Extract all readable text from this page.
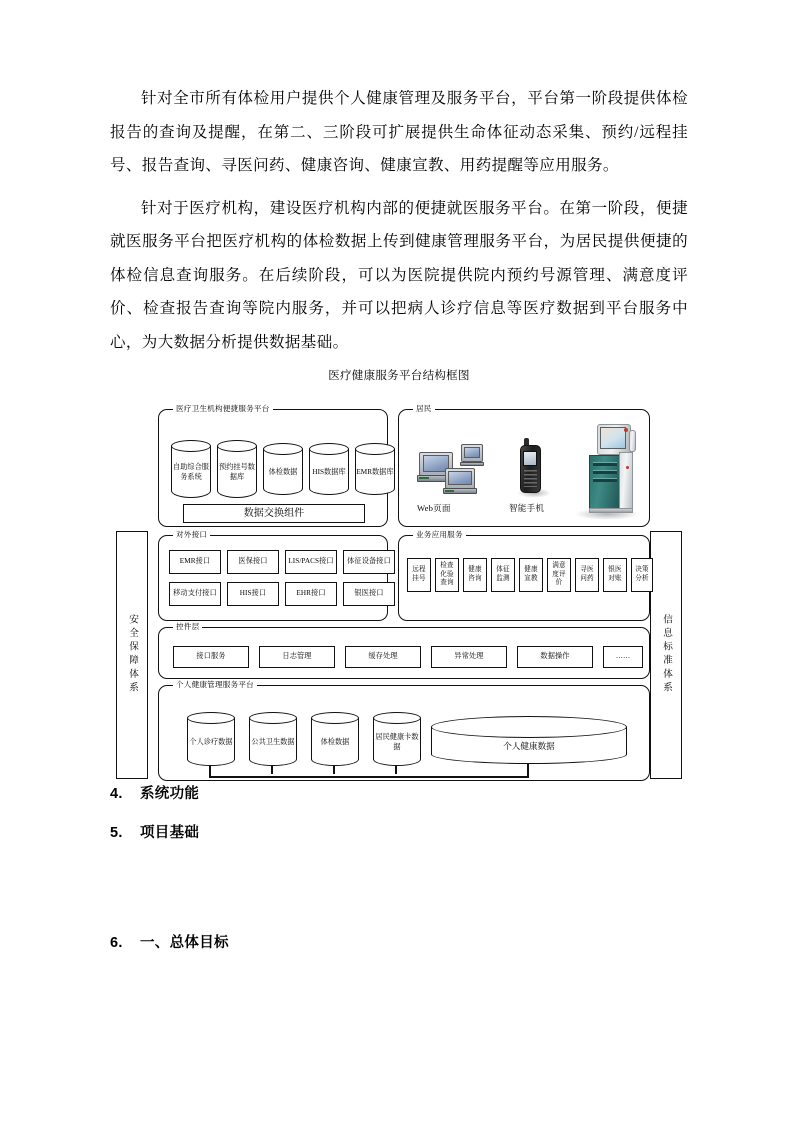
针对全市所有体检用户提供个人健康管理及服务平台，平台第一阶段提供体检报告的查询及提醒，在第二、三阶段可扩展提供生命体征动态采集、预约/远程挂号、报告查询、寻医问药、健康咨询、健康宣教、用药提醒等应用服务。

针对于医疗机构，建设医疗机构内部的便捷就医服务平台。在第一阶段，便捷就医服务平台把医疗机构的体检数据上传到健康管理服务平台，为居民提供便捷的体检信息查询服务。在后续阶段，可以为医院提供院内预约号源管理、满意度评价、检查报告查询等院内服务，并可以把病人诊疗信息等医疗数据到平台服务中心，为大数据分析提供数据基础。

医疗健康服务平台结构框图
安全保障体系	信息标准体系
医疗卫生机构便捷服务平台
自助综合服务系统
预约挂号数据库
体检数据	HIS数据库	EMR数据库
数据交换组件
居民
Web页面	智能手机
对外接口
EMR接口	医保接口	LIS/PACS接口	体征设备接口
移动支付接口	HIS接口	EHR接口	银医接口
业务应用服务
远程挂号
检查化验查询
健康咨询
体征监测
健康宣教
满意度评价
寻医问药
银医对账
决策分析
控件层
接口服务	日志管理	缓存处理	异常处理	数据操作	……
个人健康管理服务平台
个人诊疗数据	公共卫生数据	体检数据
居民健康卡数据	个人健康数据
4. 系统功能
5. 项目基础
6. 一、总体目标
